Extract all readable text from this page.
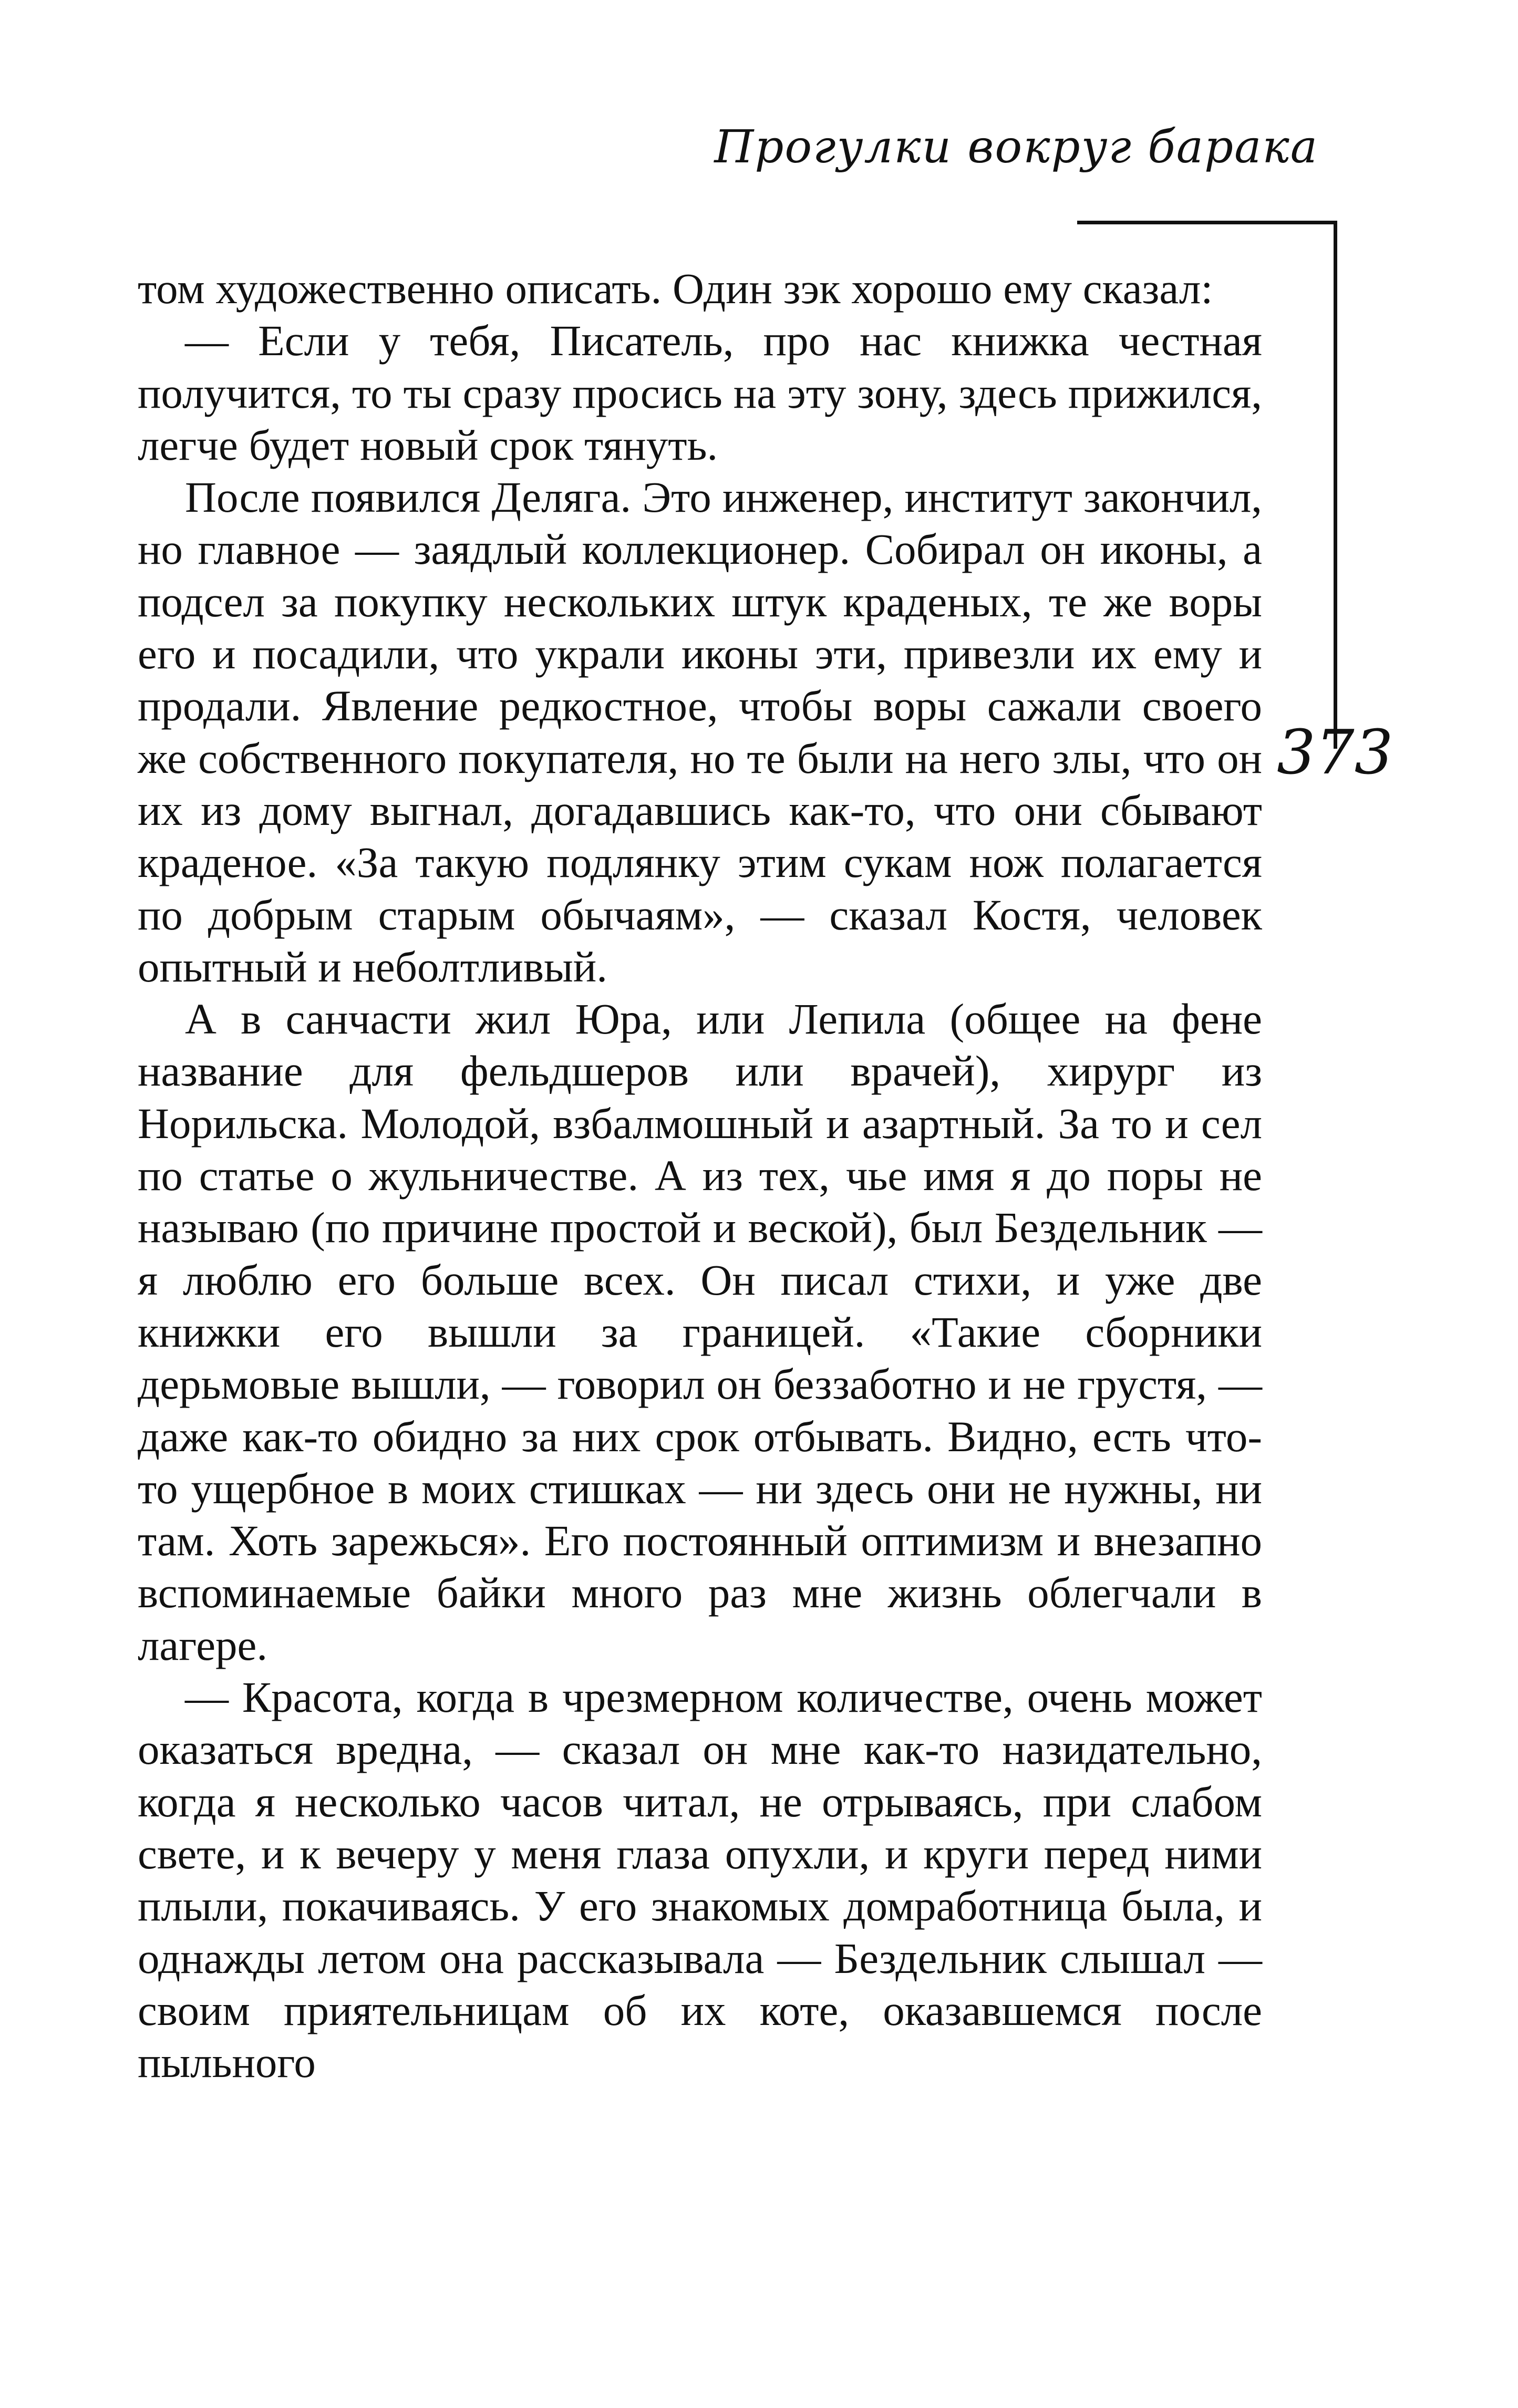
Прогулки вокруг барака
373

том художественно описать. Один зэк хорошо ему сказал:

— Если у тебя, Писатель, про нас книжка честная получится, то ты сразу просись на эту зону, здесь прижился, легче будет новый срок тянуть.

После появился Деляга. Это инженер, институт закончил, но главное — заядлый коллекционер. Собирал он иконы, а подсел за покупку нескольких штук краденых, те же воры его и посадили, что украли иконы эти, привезли их ему и продали. Явление редкостное, чтобы воры сажали своего же собственного покупателя, но те были на него злы, что он их из дому выгнал, догадавшись как-то, что они сбывают краденое. «За такую подлянку этим сукам нож полагается по добрым старым обычаям», — сказал Костя, человек опытный и неболтливый.

А в санчасти жил Юра, или Лепила (общее на фене название для фельдшеров или врачей), хирург из Норильска. Молодой, взбалмошный и азартный. За то и сел по статье о жульничестве. А из тех, чье имя я до поры не называю (по причине простой и веской), был Бездельник — я люблю его больше всех. Он писал стихи, и уже две книжки его вышли за границей. «Такие сборники дерьмовые вышли, — говорил он беззаботно и не грустя, — даже как-то обидно за них срок отбывать. Видно, есть что-то ущербное в моих стишках — ни здесь они не нужны, ни там. Хоть зарежься». Его постоянный оптимизм и внезапно вспоминаемые байки много раз мне жизнь облегчали в лагере.

— Красота, когда в чрезмерном количестве, очень может оказаться вредна, — сказал он мне как-то назидательно, когда я несколько часов читал, не отрываясь, при слабом свете, и к вечеру у меня глаза опухли, и круги перед ними плыли, покачиваясь. У его знакомых домработница была, и однажды летом она рассказывала — Бездельник слышал — своим приятельницам об их коте, оказавшемся после пыльного
